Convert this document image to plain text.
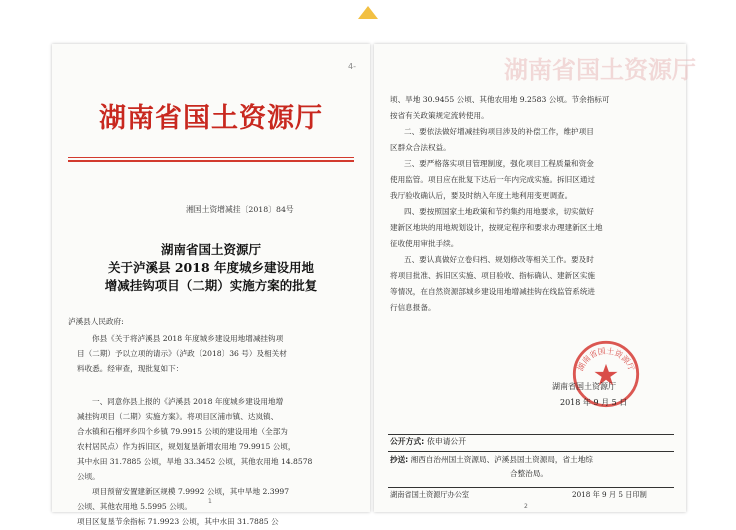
4-
湖南省国土资源厅
湘国土资增减挂〔2018〕84号
湖南省国土资源厅
关于泸溪县 2018 年度城乡建设用地
增减挂钩项目（二期）实施方案的批复
泸溪县人民政府:
你县《关于将泸溪县 2018 年度城乡建设用地增减挂钩项
目（二期）予以立项的请示》（泸政〔2018〕36 号）及相关材
料收悉。经审查，现批复如下：
一、同意你县上报的《泸溪县 2018 年度城乡建设用地增
减挂钩项目（二期）实施方案》。将项目区浦市镇、达岚镇、
合水镇和石榴坪乡四个乡镇 79.9915 公顷的建设用地（全部为
农村居民点）作为拆旧区，规划复垦新增农用地 79.9915 公顷，
其中水田 31.7885 公顷，旱地 33.3452 公顷，其他农用地 14.8578
公顷。
项目预留安置建新区规模 7.9992 公顷，其中旱地 2.3997
公顷、其他农用地 5.5995 公顷。
项目区复垦节余指标 71.9923 公顷，其中水田 31.7885 公
1
湖南省国土资源厅
顷、旱地 30.9455 公顷、其他农用地 9.2583 公顷。节余指标可
按省有关政策规定流转使用。
二、要依法做好增减挂钩项目涉及的补偿工作，维护项目
区群众合法权益。
三、要严格落实项目管理制度，强化项目工程质量和资金
使用监管。项目应在批复下达后一年内完成实施。拆旧区通过
我厅验收确认后，要及时纳入年度土地利用变更调查。
四、要按照国家土地政策和节约集约用地要求，切实做好
建新区地块的用地规划设计，按规定程序和要求办理建新区土地
征收使用审批手续。
五、要认真做好立卷归档、规划修改等相关工作。要及时
将项目批准、拆旧区实施、项目验收、指标确认、建新区实施
等情况，在自然资源部城乡建设用地增减挂钩在线监管系统进
行信息报备。
湖南省国土资源厅
湖南省国土资源厅
2018 年 9 月 5 日
公开方式: 依申请公开
抄送: 湘西自治州国土资源局、泸溪县国土资源局，省土地综
合整治局。
湖南省国土资源厅办公室	2018 年 9 月 5 日印制
2
